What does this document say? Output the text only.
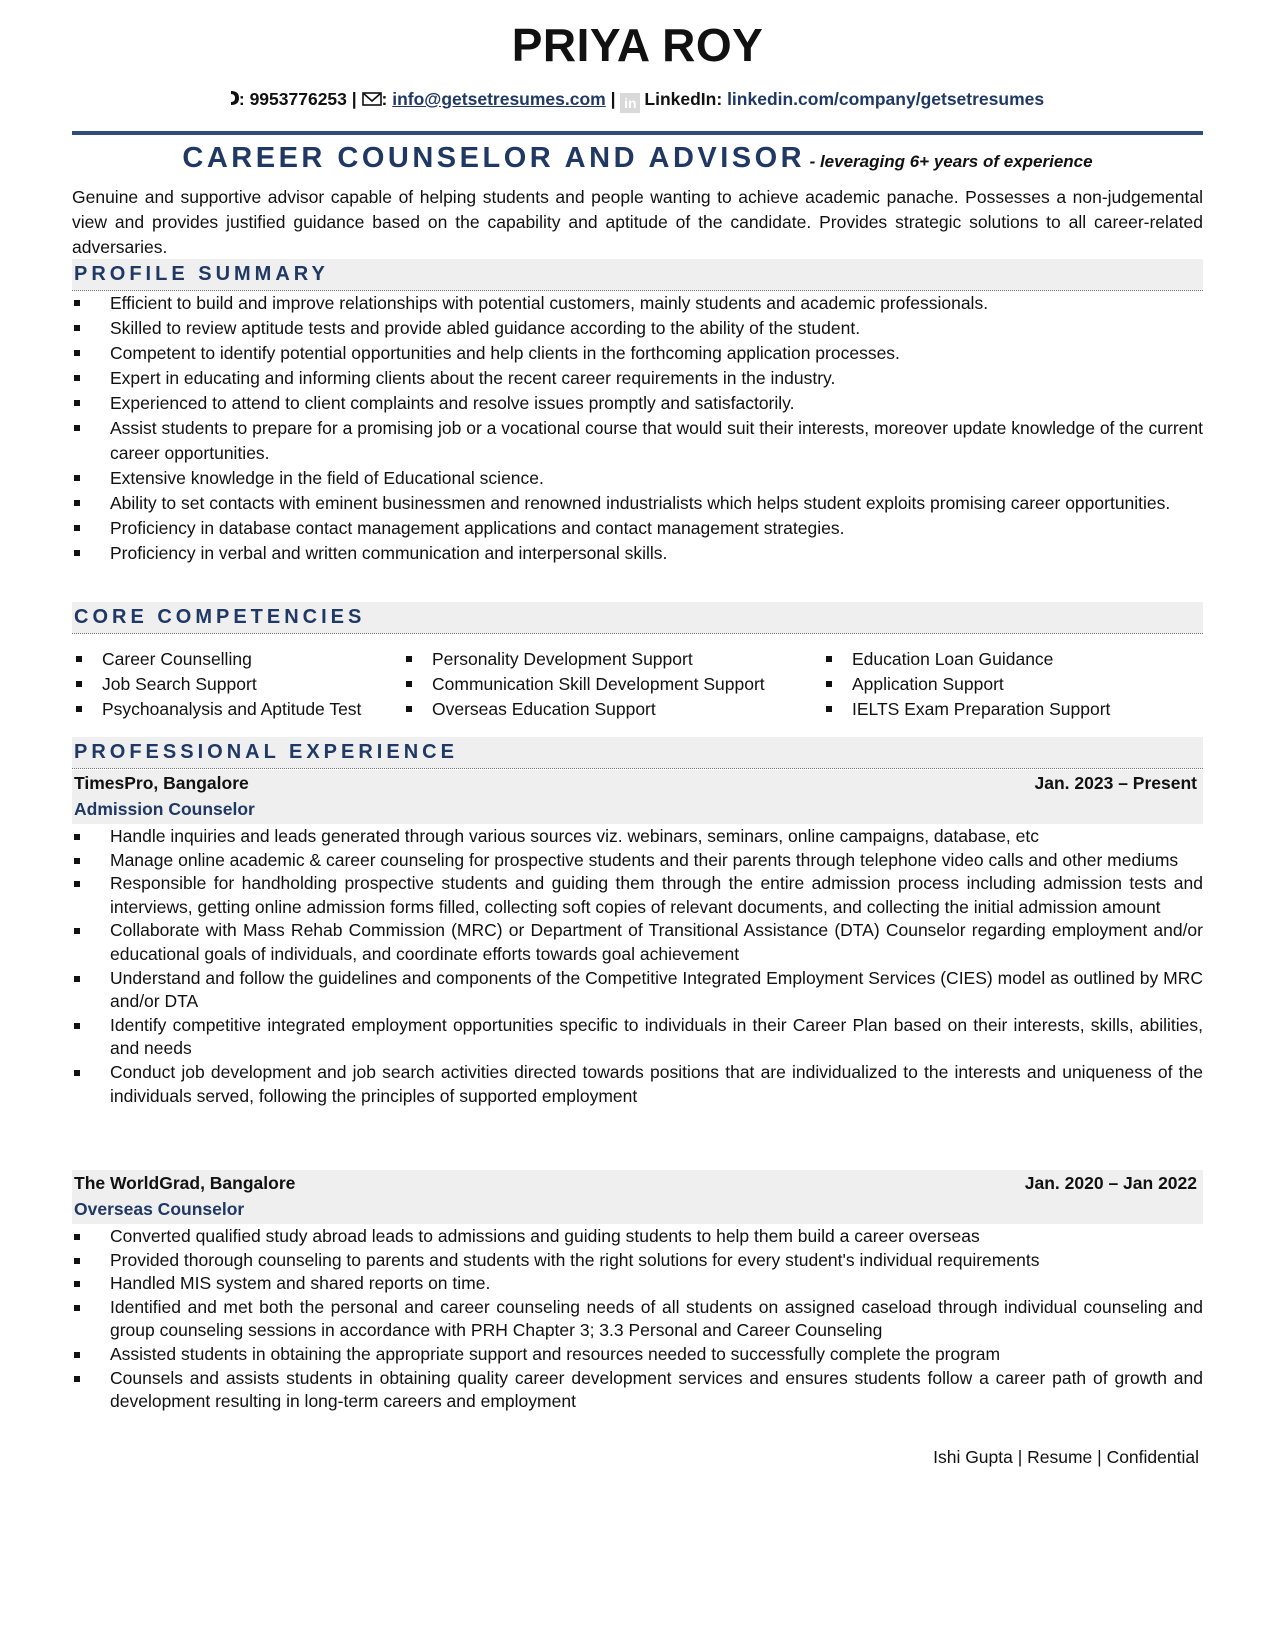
PRIYA ROY
: 9953776253 | : info@getsetresumes.com | in LinkedIn: linkedin.com/company/getsetresumes
CAREER COUNSELOR AND ADVISOR - leveraging 6+ years of experience
Genuine and supportive advisor capable of helping students and people wanting to achieve academic panache. Possesses a non-judgemental view and provides justified guidance based on the capability and aptitude of the candidate. Provides strategic solutions to all career-related adversaries.
PROFILE SUMMARY
Efficient to build and improve relationships with potential customers, mainly students and academic professionals.
Skilled to review aptitude tests and provide abled guidance according to the ability of the student.
Competent to identify potential opportunities and help clients in the forthcoming application processes.
Expert in educating and informing clients about the recent career requirements in the industry.
Experienced to attend to client complaints and resolve issues promptly and satisfactorily.
Assist students to prepare for a promising job or a vocational course that would suit their interests, moreover update knowledge of the current career opportunities.
Extensive knowledge in the field of Educational science.
Ability to set contacts with eminent businessmen and renowned industrialists which helps student exploits promising career opportunities.
Proficiency in database contact management applications and contact management strategies.
Proficiency in verbal and written communication and interpersonal skills.
CORE COMPETENCIES
Career Counselling
Job Search Support
Psychoanalysis and Aptitude Test
Personality Development Support
Communication Skill Development Support
Overseas Education Support
Education Loan Guidance
Application Support
IELTS Exam Preparation Support
PROFESSIONAL EXPERIENCE
TimesPro, Bangalore	Jan. 2023 – Present
Admission Counselor
Handle inquiries and leads generated through various sources viz. webinars, seminars, online campaigns, database, etc
Manage online academic & career counseling for prospective students and their parents through telephone video calls and other mediums
Responsible for handholding prospective students and guiding them through the entire admission process including admission tests and interviews, getting online admission forms filled, collecting soft copies of relevant documents, and collecting the initial admission amount
Collaborate with Mass Rehab Commission (MRC) or Department of Transitional Assistance (DTA) Counselor regarding employment and/or educational goals of individuals, and coordinate efforts towards goal achievement
Understand and follow the guidelines and components of the Competitive Integrated Employment Services (CIES) model as outlined by MRC and/or DTA
Identify competitive integrated employment opportunities specific to individuals in their Career Plan based on their interests, skills, abilities, and needs
Conduct job development and job search activities directed towards positions that are individualized to the interests and uniqueness of the individuals served, following the principles of supported employment
The WorldGrad, Bangalore	Jan. 2020 – Jan 2022
Overseas Counselor
Converted qualified study abroad leads to admissions and guiding students to help them build a career overseas
Provided thorough counseling to parents and students with the right solutions for every student's individual requirements
Handled MIS system and shared reports on time.
Identified and met both the personal and career counseling needs of all students on assigned caseload through individual counseling and group counseling sessions in accordance with PRH Chapter 3; 3.3 Personal and Career Counseling
Assisted students in obtaining the appropriate support and resources needed to successfully complete the program
Counsels and assists students in obtaining quality career development services and ensures students follow a career path of growth and development resulting in long-term careers and employment
Ishi Gupta | Resume | Confidential
